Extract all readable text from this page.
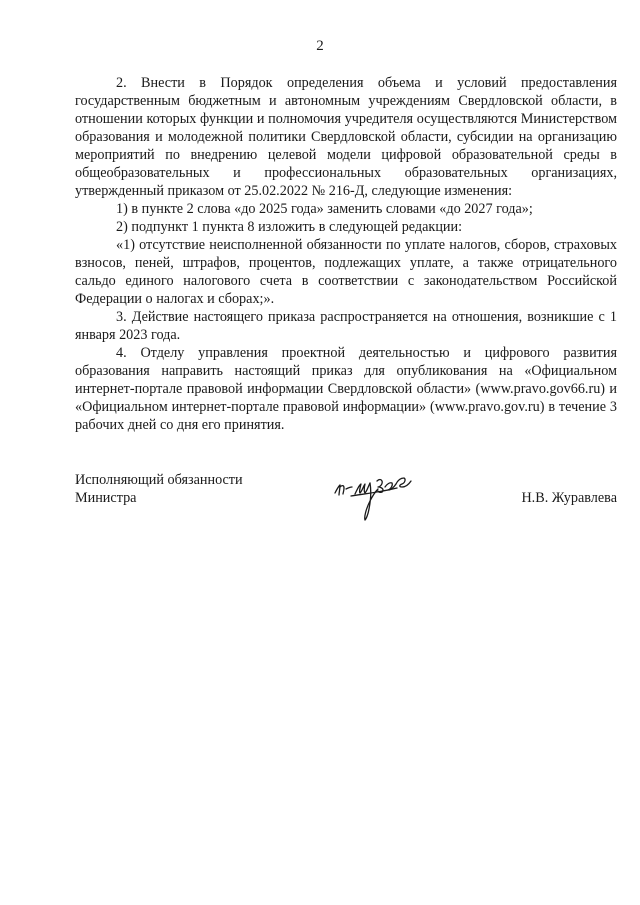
2

2. Внести в Порядок определения объема и условий предоставления государственным бюджетным и автономным учреждениям Свердловской области, в отношении которых функции и полномочия учредителя осуществляются Министерством образования и молодежной политики Свердловской области, субсидии на организацию мероприятий по внедрению целевой модели цифровой образовательной среды в общеобразовательных и профессиональных образовательных организациях, утвержденный приказом от 25.02.2022 № 216-Д, следующие изменения:

1) в пункте 2 слова «до 2025 года» заменить словами «до 2027 года»;

2) подпункт 1 пункта 8 изложить в следующей редакции:

«1) отсутствие неисполненной обязанности по уплате налогов, сборов, страховых взносов, пеней, штрафов, процентов, подлежащих уплате, а также отрицательного сальдо единого налогового счета в соответствии с законодательством Российской Федерации о налогах и сборах;».

3. Действие настоящего приказа распространяется на отношения, возникшие с 1 января 2023 года.

4. Отделу управления проектной деятельностью и цифрового развития образования направить настоящий приказ для опубликования на «Официальном интернет-портале правовой информации Свердловской области» (www.pravo.gov66.ru) и «Официальном интернет-портале правовой информации» (www.pravo.gov.ru) в течение 3 рабочих дней со дня его принятия.

Исполняющий обязанности
Министра	Н.В. Журавлева
